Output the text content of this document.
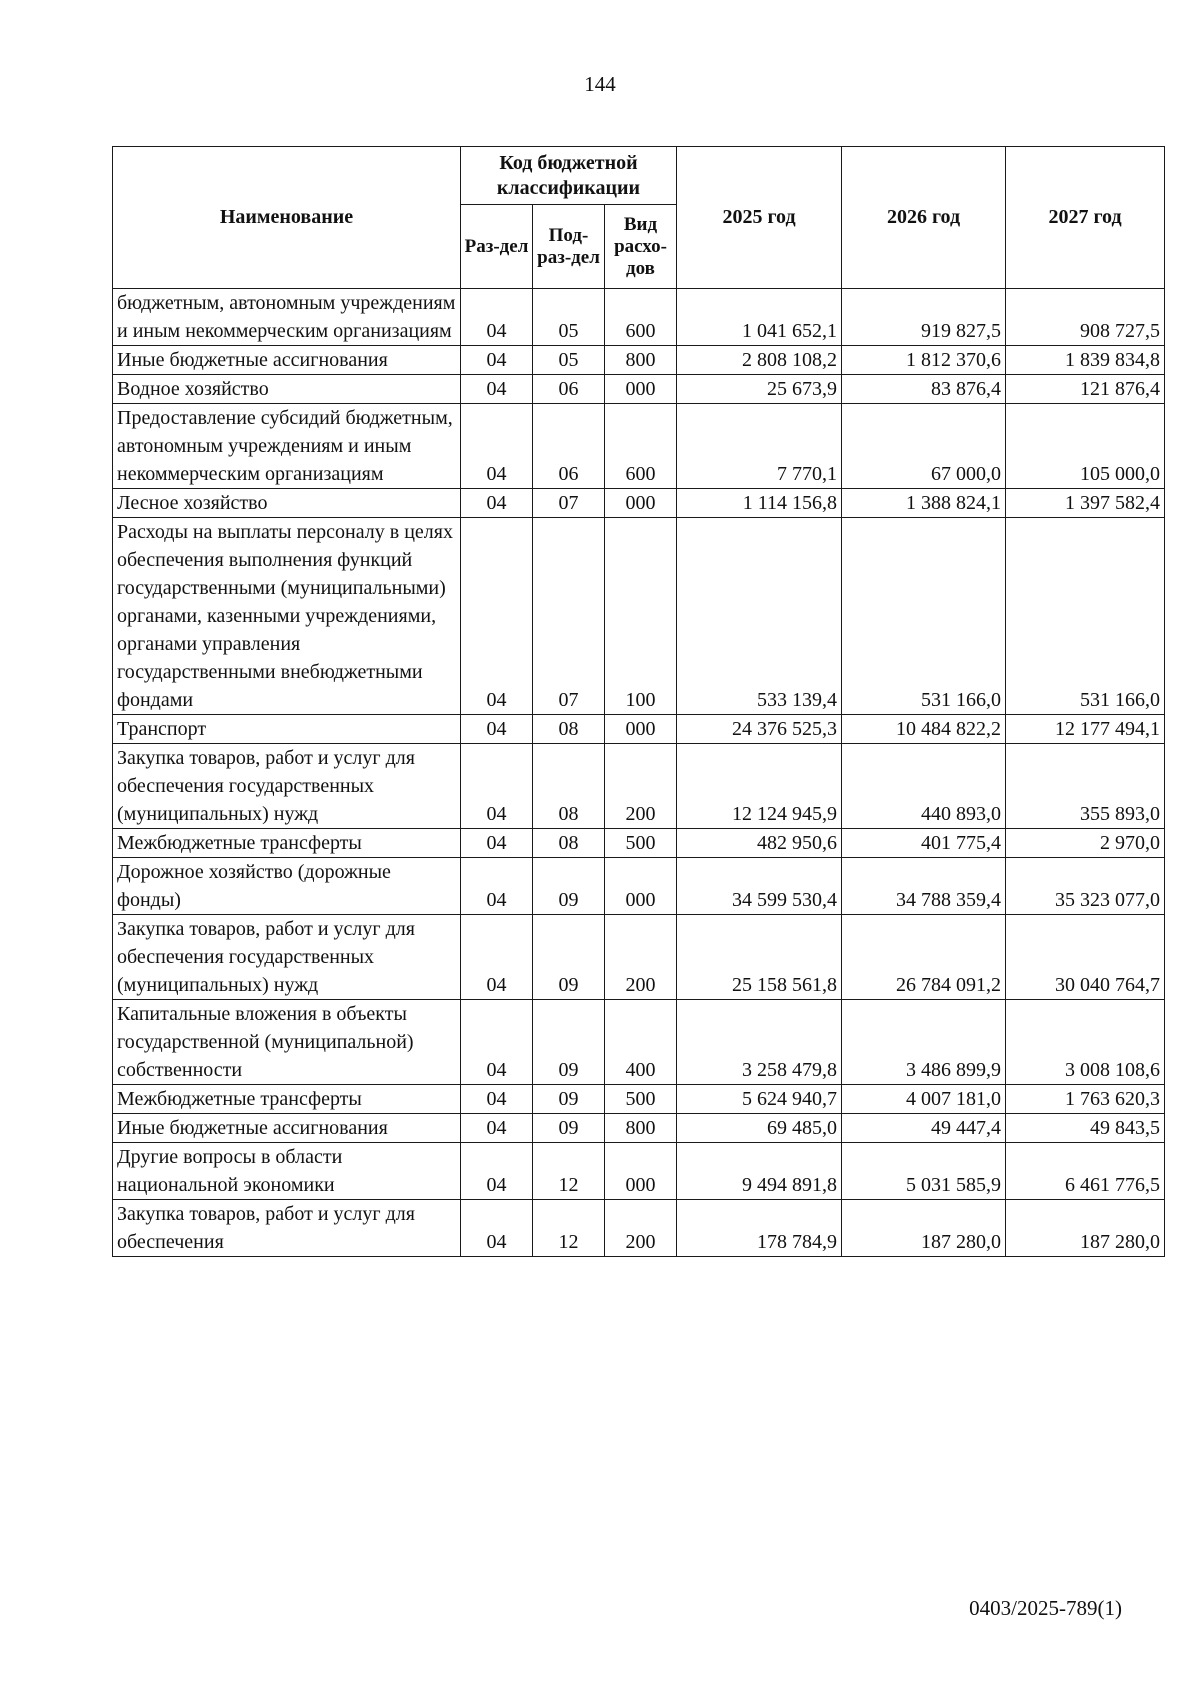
144
Наименование	Код бюджетной классификации			2025 год	2026 год	2027 год
	Раз-дел	Под-раз-дел	Вид расхо-дов			
бюджетным, автономным учреждениям и иным некоммерческим организациям	04	05	600	1 041 652,1	919 827,5	908 727,5
Иные бюджетные ассигнования	04	05	800	2 808 108,2	1 812 370,6	1 839 834,8
Водное хозяйство	04	06	000	25 673,9	83 876,4	121 876,4
Предоставление субсидий бюджетным, автономным учреждениям и иным некоммерческим организациям	04	06	600	7 770,1	67 000,0	105 000,0
Лесное хозяйство	04	07	000	1 114 156,8	1 388 824,1	1 397 582,4
Расходы на выплаты персоналу в целях обеспечения выполнения функций государственными (муниципальными) органами, казенными учреждениями, органами управления государственными внебюджетными фондами	04	07	100	533 139,4	531 166,0	531 166,0
Транспорт	04	08	000	24 376 525,3	10 484 822,2	12 177 494,1
Закупка товаров, работ и услуг для обеспечения государственных (муниципальных) нужд	04	08	200	12 124 945,9	440 893,0	355 893,0
Межбюджетные трансферты	04	08	500	482 950,6	401 775,4	2 970,0
Дорожное хозяйство (дорожные фонды)	04	09	000	34 599 530,4	34 788 359,4	35 323 077,0
Закупка товаров, работ и услуг для обеспечения государственных (муниципальных) нужд	04	09	200	25 158 561,8	26 784 091,2	30 040 764,7
Капитальные вложения в объекты государственной (муниципальной) собственности	04	09	400	3 258 479,8	3 486 899,9	3 008 108,6
Межбюджетные трансферты	04	09	500	5 624 940,7	4 007 181,0	1 763 620,3
Иные бюджетные ассигнования	04	09	800	69 485,0	49 447,4	49 843,5
Другие вопросы в области национальной экономики	04	12	000	9 494 891,8	5 031 585,9	6 461 776,5
Закупка товаров, работ и услуг для обеспечения	04	12	200	178 784,9	187 280,0	187 280,0
0403/2025-789(1)
